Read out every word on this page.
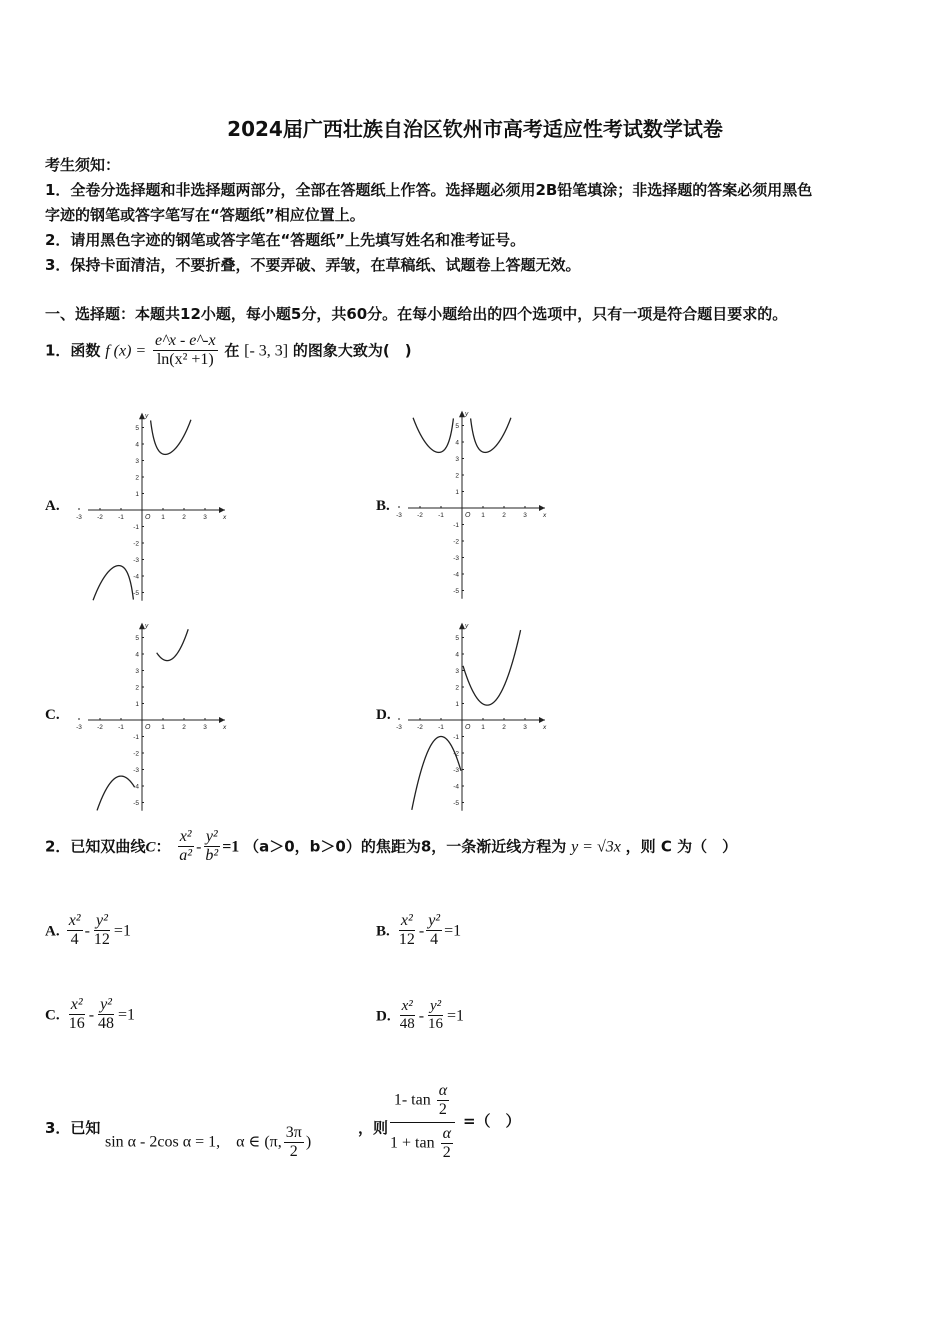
2024届广西壮族自治区钦州市高考适应性考试数学试卷
考生须知：
1．全卷分选择题和非选择题两部分，全部在答题纸上作答。选择题必须用2B铅笔填涂；非选择题的答案必须用黑色
字迹的钢笔或答字笔写在“答题纸”相应位置上。
2．请用黑色字迹的钢笔或答字笔在“答题纸”上先填写姓名和准考证号。
3．保持卡面清洁，不要折叠，不要弄破、弄皱，在草稿纸、试题卷上答题无效。
一、选择题：本题共12小题，每小题5分，共60分。在每小题给出的四个选项中，只有一项是符合题目要求的。
1．函数 f $(x) = \frac{e\^{}x - e\^{}-x}{\text{ln(x² +1)}}$ 在 [- 3, 3] 的图象大致为(　)
A.	B.
C.	D.
-3 -2 -1	1	2	3
5
4
3
2
1
-1
-2
-3
-4
-5
x
y
O	-3 -2 -1	1	2	3
5
4
3
2
1
-1
-2
-3
-4
-5
x
y
O
-3 -2 -1	1	2	3
5
4
3
2
1
-1
-2
-3
-4
-5
x
y
O	-3 -2 -1	1	2	3
5
4
3
2
1
-1
-2
-3
-4
-5
x
y
O
2．已知双曲线C： $\frac{\text{x²}}{\text{a²}} - \frac{\text{y²}}{\text{b²}} =1$ （a＞0，b＞0）的焦距为8，一条渐近线方程为 y = √3x ，则 C 为（　）
A. $\frac{\text{x²}}{4} - \frac{\text{y²}}{12} =1$	B. $\frac{\text{x²}}{12} - \frac{\text{y²}}{4} =1$
C. $\frac{\text{x²}}{16} - \frac{\text{y²}}{48} =1$	D. $\frac{\text{x²}}{48} - \frac{\text{y²}}{16} =1$
3．已知
sin α - 2cos α = 1,　α ∈ (π, $\frac{3\pi}{2}$ )
，则
$\frac{1- \tan \frac{\alpha}{2}}{1 + \tan \frac{\alpha}{2}}$ =（　）
